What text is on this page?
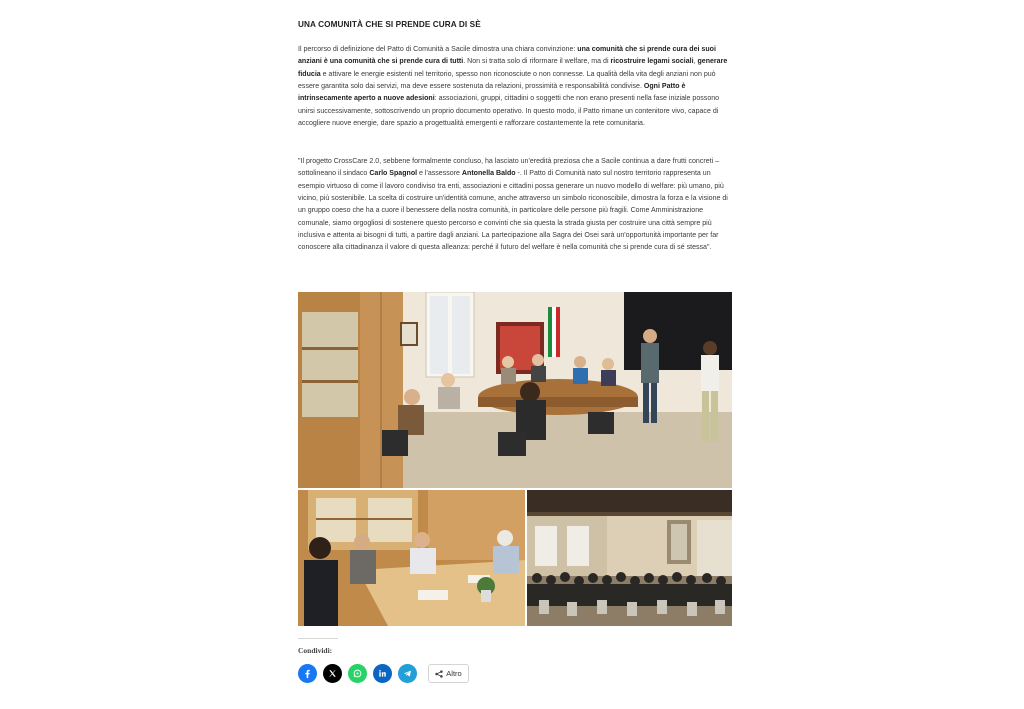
UNA COMUNITÀ CHE SI PRENDE CURA DI SÈ

Il percorso di definizione del Patto di Comunità a Sacile dimostra una chiara convinzione: una comunità che si prende cura dei suoi anziani è una comunità che si prende cura di tutti. Non si tratta solo di riformare il welfare, ma di ricostruire legami sociali, generare fiducia e attivare le energie esistenti nel territorio, spesso non riconosciute o non connesse. La qualità della vita degli anziani non può essere garantita solo dai servizi, ma deve essere sostenuta da relazioni, prossimità e responsabilità condivise. Ogni Patto è intrinsecamente aperto a nuove adesioni: associazioni, gruppi, cittadini o soggetti che non erano presenti nella fase iniziale possono unirsi successivamente, sottoscrivendo un proprio documento operativo. In questo modo, il Patto rimane un contenitore vivo, capace di accogliere nuove energie, dare spazio a progettualità emergenti e rafforzare costantemente la rete comunitaria.

"Il progetto CrossCare 2.0, sebbene formalmente concluso, ha lasciato un'eredità preziosa che a Sacile continua a dare frutti concreti – sottolineano il sindaco Carlo Spagnol e l'assessore Antonella Baldo -. Il Patto di Comunità nato sul nostro territorio rappresenta un esempio virtuoso di come il lavoro condiviso tra enti, associazioni e cittadini possa generare un nuovo modello di welfare: più umano, più vicino, più sostenibile. La scelta di costruire un'identità comune, anche attraverso un simbolo riconoscibile, dimostra la forza e la visione di un gruppo coeso che ha a cuore il benessere della nostra comunità, in particolare delle persone più fragili. Come Amministrazione comunale, siamo orgogliosi di sostenere questo percorso e convinti che sia questa la strada giusta per costruire una città sempre più inclusiva e attenta ai bisogni di tutti, a partire dagli anziani. La partecipazione alla Sagra dei Osei sarà un'opportunità importante per far conoscere alla cittadinanza il valore di questa alleanza: perché il futuro del welfare è nella comunità che si prende cura di sé stessa".

Condividi:
Altro
